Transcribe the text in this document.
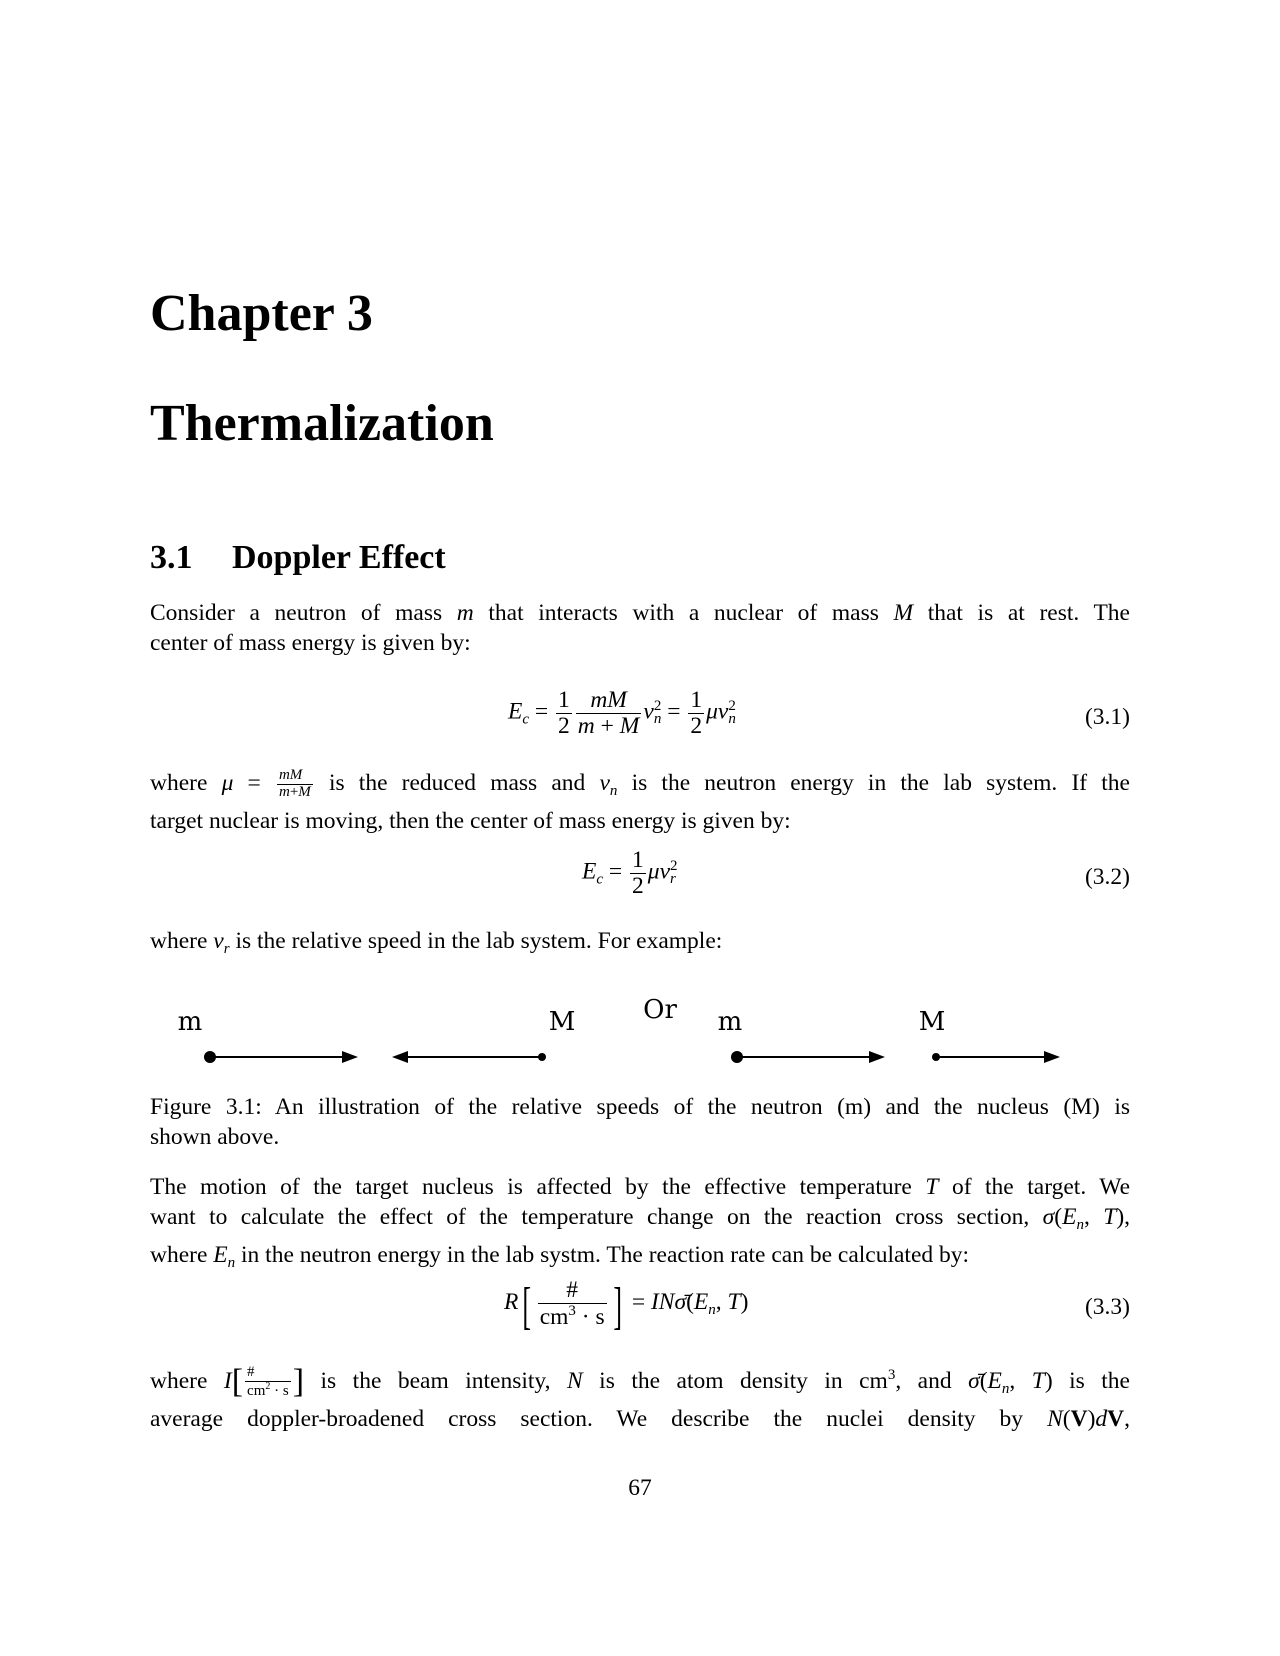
Chapter 3
Thermalization
3.1 Doppler Effect
Consider a neutron of mass m that interacts with a nuclear of mass M that is at rest. The
center of mass energy is given by:
$E_c = \frac{1}{2} \frac{mM}{m + M}$ v 2
$n = \frac{1}{2}$ μv 2
n	(3.1)
where $\mu = \frac{mM}{m+M}$ is the reduced mass and $v_n$ is the neutron energy in the lab system. If the
target nuclear is moving, then the center of mass energy is given by:
$E_c = \frac{1}{2}$ μv 2
r	(3.2)
where $v_r$ is the relative speed in the lab system. For example:
m	M	Or m	M
Figure 3.1: An illustration of the relative speeds of the neutron (m) and the nucleus (M) is
shown above.
The motion of the target nucleus is affected by the effective temperature T of the target. We
want to calculate the effect of the temperature change on the reaction cross section, $\sigma(E_n$, T),
where $E_n$ in the neutron energy in the lab systm. The reaction rate can be calculated by:
$R[ \frac{\#}{cm^3 \cdot s}$ ] = $IN\sigmā(E_n$, T)	(3.3)
where $I[ \frac{\#}{cm^2 \cdot s}$ ] is the beam intensity, N is the atom density in $cm^3$, and $\sigmā(E_n$, T) is the
average doppler-broadened cross section. We describe the nuclei density by N(V)dV,
67
